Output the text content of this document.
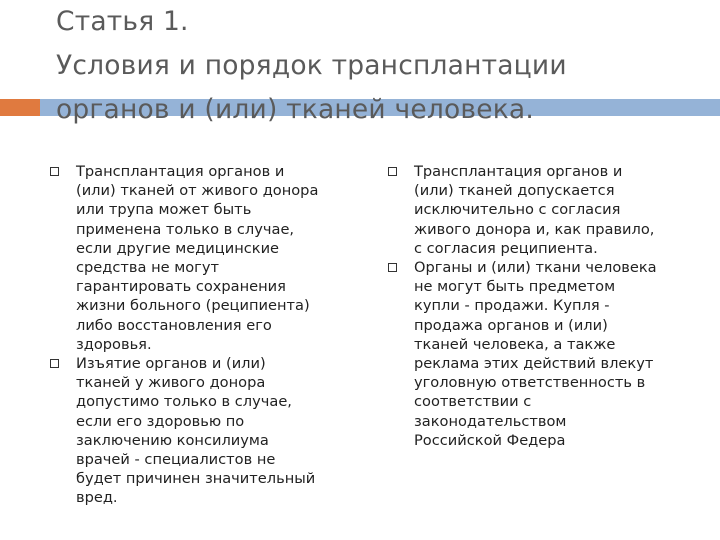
Статья 1.
Условия и порядок трансплантации
органов и (или) тканей человека.
Трансплантация органов и
(или) тканей от живого донора
или трупа может быть
применена только в случае,
если другие медицинские
средства не могут
гарантировать сохранения
жизни больного (реципиента)
либо восстановления его
здоровья.
Изъятие органов и (или)
тканей у живого донора
допустимо только в случае,
если его здоровью по
заключению консилиума
врачей - специалистов не
будет причинен значительный
вред.
Трансплантация органов и
(или) тканей допускается
исключительно с согласия
живого донора и, как правило,
с согласия реципиента.
Органы и (или) ткани человека
не могут быть предметом
купли - продажи. Купля -
продажа органов и (или)
тканей человека, а также
реклама этих действий влекут
уголовную ответственность в
соответствии с
законодательством
Российской Федера
